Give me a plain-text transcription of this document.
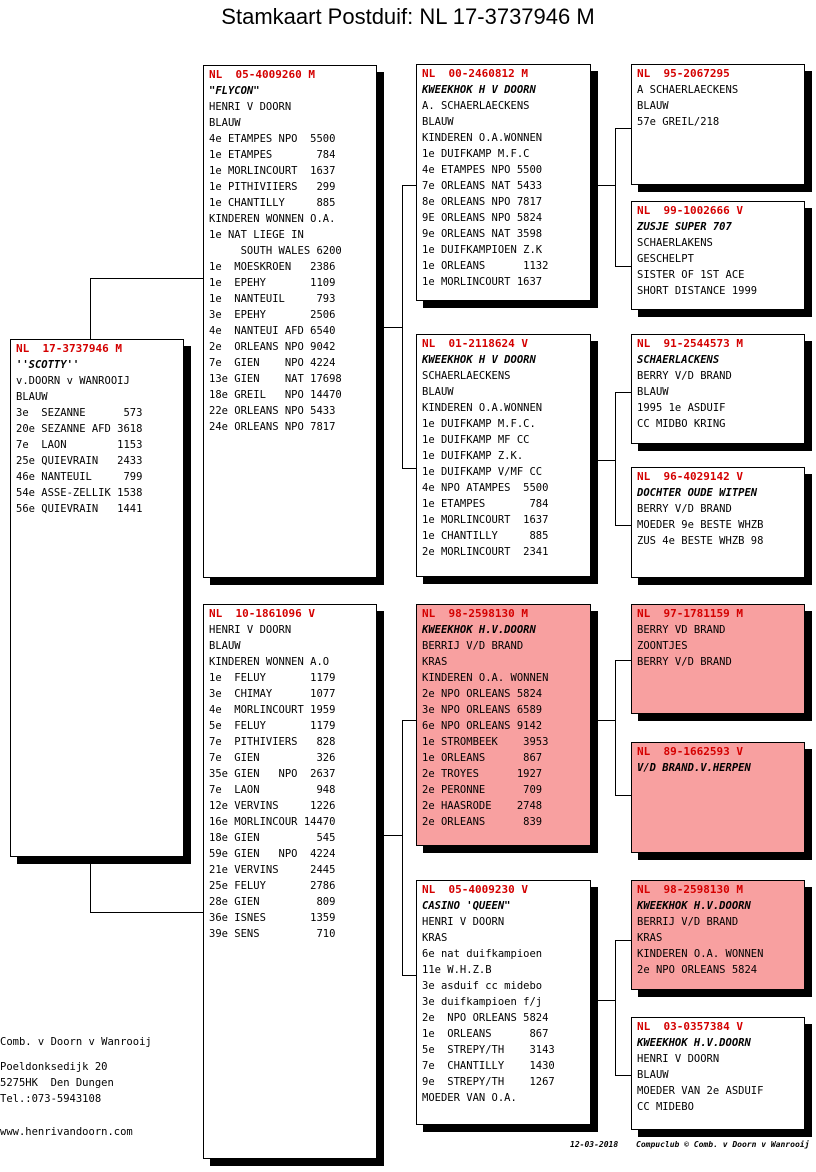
Stamkaart Postduif: NL 17-3737946 M
NL  17-3737946 M
''SCOTTY''
v.DOORN v WANROOIJ
BLAUW
3e  SEZANNE      573
20e SEZANNE AFD 3618
7e  LAON        1153
25e QUIEVRAIN   2433
46e NANTEUIL     799
54e ASSE-ZELLIK 1538
56e QUIEVRAIN   1441
NL  05-4009260 M
"FLYCON"
HENRI V DOORN
BLAUW
4e ETAMPES NPO  5500
1e ETAMPES       784
1e MORLINCOURT  1637
1e PITHIVIIERS   299
1e CHANTILLY     885
KINDEREN WONNEN O.A.
1e NAT LIEGE IN
SOUTH WALES 6200
1e  MOESKROEN   2386
1e  EPEHY       1109
1e  NANTEUIL     793
3e  EPEHY       2506
4e  NANTEUI AFD 6540
2e  ORLEANS NPO 9042
7e  GIEN    NPO 4224
13e GIEN    NAT 17698
18e GREIL   NPO 14470
22e ORLEANS NPO 5433
24e ORLEANS NPO 7817
NL  10-1861096 V
HENRI V DOORN
BLAUW
KINDEREN WONNEN A.O
1e  FELUY       1179
3e  CHIMAY      1077
4e  MORLINCOURT 1959
5e  FELUY       1179
7e  PITHIVIERS   828
7e  GIEN         326
35e GIEN   NPO  2637
7e  LAON         948
12e VERVINS     1226
16e MORLINCOUR 14470
18e GIEN         545
59e GIEN   NPO  4224
21e VERVINS     2445
25e FELUY       2786
28e GIEN         809
36e ISNES       1359
39e SENS         710
NL  00-2460812 M
KWEEKHOK H V DOORN
A. SCHAERLAECKENS
BLAUW
KINDEREN O.A.WONNEN
1e DUIFKAMP M.F.C
4e ETAMPES NPO 5500
7e ORLEANS NAT 5433
8e ORLEANS NPO 7817
9E ORLEANS NPO 5824
9e ORLEANS NAT 3598
1e DUIFKAMPIOEN Z.K
1e ORLEANS      1132
1e MORLINCOURT 1637
NL  01-2118624 V
KWEEKHOK H V DOORN
SCHAERLAECKENS
BLAUW
KINDEREN O.A.WONNEN
1e DUIFKAMP M.F.C.
1e DUIFKAMP MF CC
1e DUIFKAMP Z.K.
1e DUIFKAMP V/MF CC
4e NPO ATAMPES  5500
1e ETAMPES       784
1e MORLINCOURT  1637
1e CHANTILLY     885
2e MORLINCOURT  2341
NL  98-2598130 M
KWEEKHOK H.V.DOORN
BERRIJ V/D BRAND
KRAS
KINDEREN O.A. WONNEN
2e NPO ORLEANS 5824
3e NPO ORLEANS 6589
6e NPO ORLEANS 9142
1e STROMBEEK    3953
1e ORLEANS      867
2e TROYES      1927
2e PERONNE      709
2e HAASRODE    2748
2e ORLEANS      839
NL  05-4009230 V
CASINO 'QUEEN"
HENRI V DOORN
KRAS
6e nat duifkampioen
11e W.H.Z.B
3e asduif cc midebo
3e duifkampioen f/j
2e  NPO ORLEANS 5824
1e  ORLEANS      867
5e  STREPY/TH    3143
7e  CHANTILLY    1430
9e  STREPY/TH    1267
MOEDER VAN O.A.
NL  95-2067295
A SCHAERLAECKENS
BLAUW
57e GREIL/218
NL  99-1002666 V
ZUSJE SUPER 707
SCHAERLAKENS
GESCHELPT
SISTER OF 1ST ACE
SHORT DISTANCE 1999
NL  91-2544573 M
SCHAERLACKENS
BERRY V/D BRAND
BLAUW
1995 1e ASDUIF
CC MIDBO KRING
NL  96-4029142 V
DOCHTER OUDE WITPEN
BERRY V/D BRAND
MOEDER 9e BESTE WHZB
ZUS 4e BESTE WHZB 98
NL  97-1781159 M
BERRY VD BRAND
ZOONTJES
BERRY V/D BRAND
NL  89-1662593 V
V/D BRAND.V.HERPEN
NL  98-2598130 M
KWEEKHOK H.V.DOORN
BERRIJ V/D BRAND
KRAS
KINDEREN O.A. WONNEN
2e NPO ORLEANS 5824
NL  03-0357384 V
KWEEKHOK H.V.DOORN
HENRI V DOORN
BLAUW
MOEDER VAN 2e ASDUIF
CC MIDEBO
Comb. v Doorn v Wanrooij
Poeldonksedijk 20
5275HK  Den Dungen
Tel.:073-5943108
www.henrivandoorn.com
12-03-2018 Compuclub © Comb. v Doorn v Wanrooij
